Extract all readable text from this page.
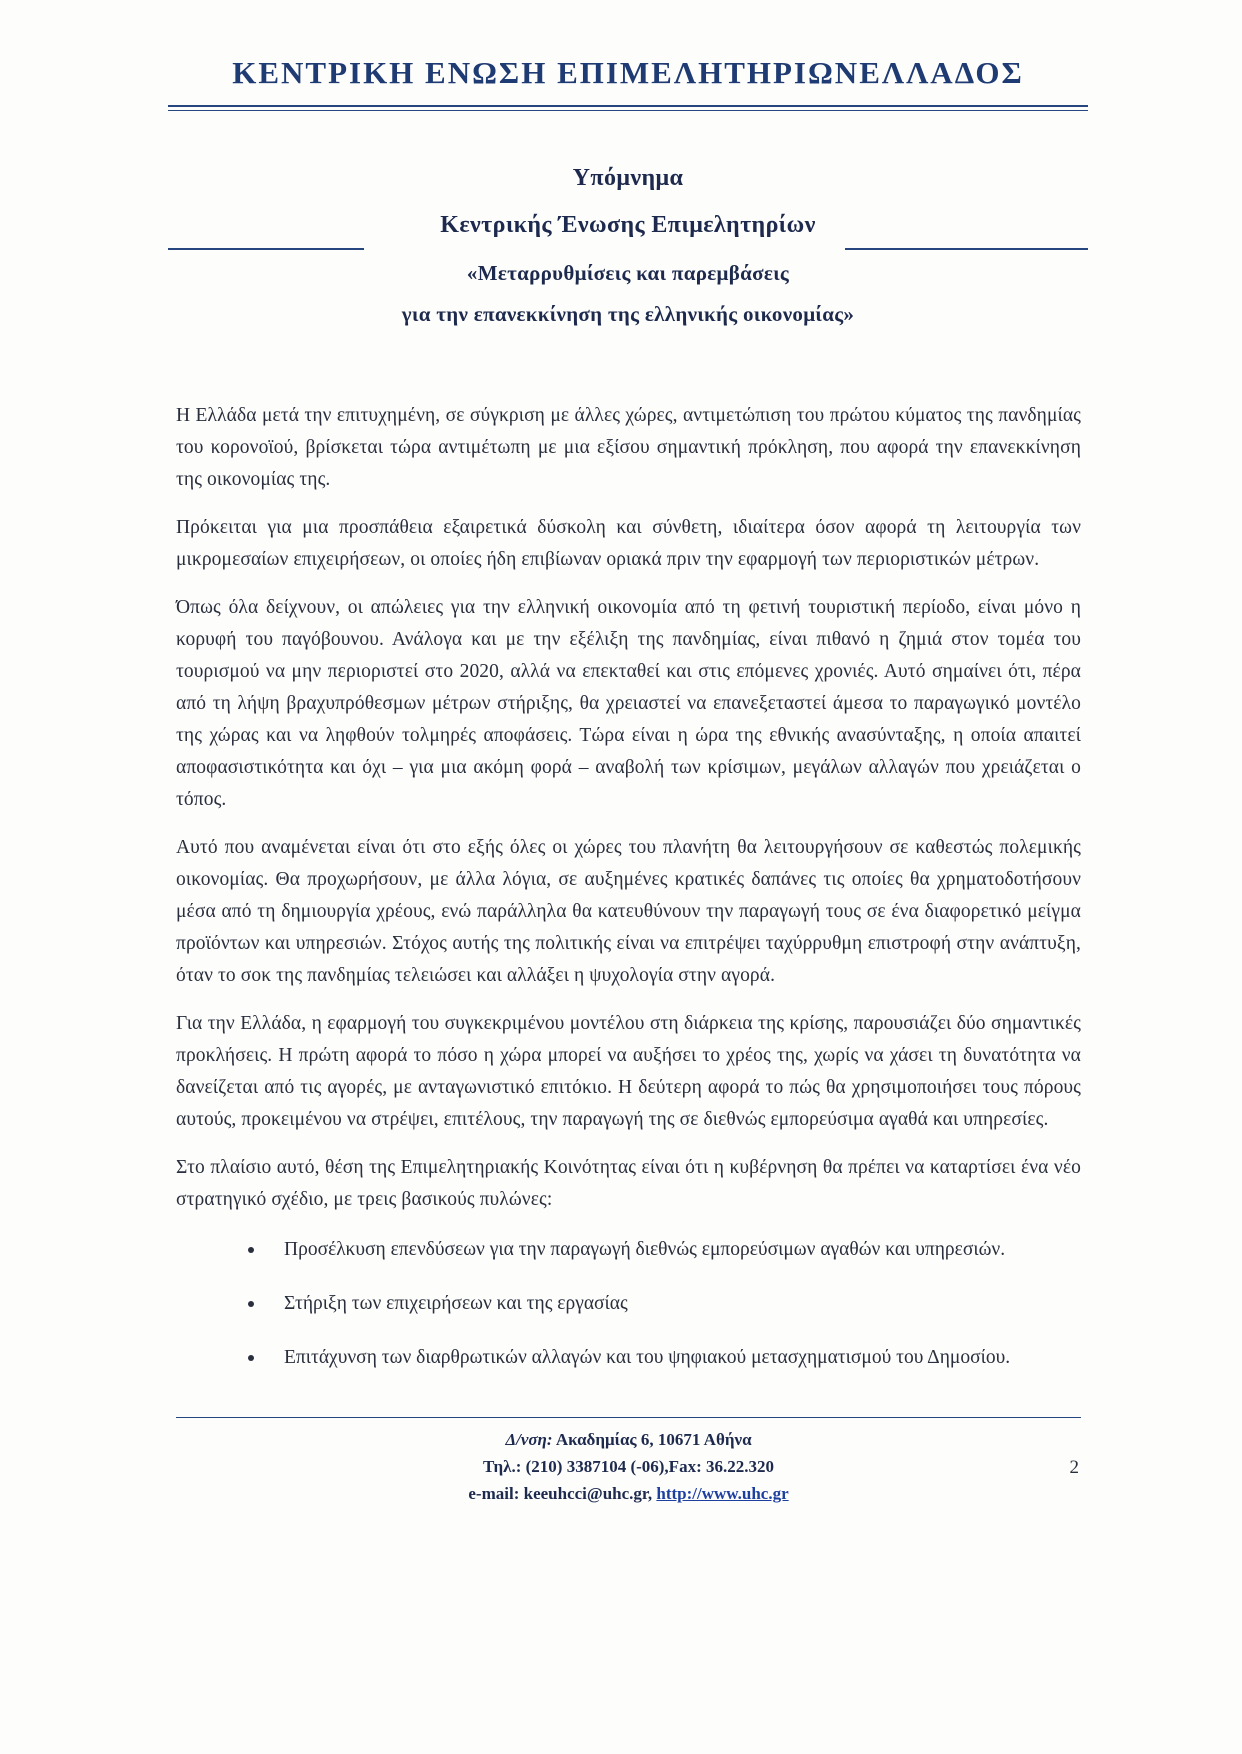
ΚΕΝΤΡΙΚΗ ΕΝΩΣΗ ΕΠΙΜΕΛΗΤΗΡΙΩΝΕΛΛΑΔΟΣ
Υπόμνημα
Κεντρικής Ένωσης Επιμελητηρίων
«Μεταρρυθμίσεις και παρεμβάσεις
για την επανεκκίνηση της ελληνικής οικονομίας»

Η Ελλάδα μετά την επιτυχημένη, σε σύγκριση με άλλες χώρες, αντιμετώπιση του πρώτου κύματος της πανδημίας του κορονοϊού, βρίσκεται τώρα αντιμέτωπη με μια εξίσου σημαντική πρόκληση, που αφορά την επανεκκίνηση της οικονομίας της.

Πρόκειται για μια προσπάθεια εξαιρετικά δύσκολη και σύνθετη, ιδιαίτερα όσον αφορά τη λειτουργία των μικρομεσαίων επιχειρήσεων, οι οποίες ήδη επιβίωναν οριακά πριν την εφαρμογή των περιοριστικών μέτρων.

Όπως όλα δείχνουν, οι απώλειες για την ελληνική οικονομία από τη φετινή τουριστική περίοδο, είναι μόνο η κορυφή του παγόβουνου. Ανάλογα και με την εξέλιξη της πανδημίας, είναι πιθανό η ζημιά στον τομέα του τουρισμού να μην περιοριστεί στο 2020, αλλά να επεκταθεί και στις επόμενες χρονιές. Αυτό σημαίνει ότι, πέρα από τη λήψη βραχυπρόθεσμων μέτρων στήριξης, θα χρειαστεί να επανεξεταστεί άμεσα το παραγωγικό μοντέλο της χώρας και να ληφθούν τολμηρές αποφάσεις. Τώρα είναι η ώρα της εθνικής ανασύνταξης, η οποία απαιτεί αποφασιστικότητα και όχι – για μια ακόμη φορά – αναβολή των κρίσιμων, μεγάλων αλλαγών που χρειάζεται ο τόπος.

Αυτό που αναμένεται είναι ότι στο εξής όλες οι χώρες του πλανήτη θα λειτουργήσουν σε καθεστώς πολεμικής οικονομίας. Θα προχωρήσουν, με άλλα λόγια, σε αυξημένες κρατικές δαπάνες τις οποίες θα χρηματοδοτήσουν μέσα από τη δημιουργία χρέους, ενώ παράλληλα θα κατευθύνουν την παραγωγή τους σε ένα διαφορετικό μείγμα προϊόντων και υπηρεσιών. Στόχος αυτής της πολιτικής είναι να επιτρέψει ταχύρρυθμη επιστροφή στην ανάπτυξη, όταν το σοκ της πανδημίας τελειώσει και αλλάξει η ψυχολογία στην αγορά.

Για την Ελλάδα, η εφαρμογή του συγκεκριμένου μοντέλου στη διάρκεια της κρίσης, παρουσιάζει δύο σημαντικές προκλήσεις. Η πρώτη αφορά το πόσο η χώρα μπορεί να αυξήσει το χρέος της, χωρίς να χάσει τη δυνατότητα να δανείζεται από τις αγορές, με ανταγωνιστικό επιτόκιο. Η δεύτερη αφορά το πώς θα χρησιμοποιήσει τους πόρους αυτούς, προκειμένου να στρέψει, επιτέλους, την παραγωγή της σε διεθνώς εμπορεύσιμα αγαθά και υπηρεσίες.

Στο πλαίσιο αυτό, θέση της Επιμελητηριακής Κοινότητας είναι ότι η κυβέρνηση θα πρέπει να καταρτίσει ένα νέο στρατηγικό σχέδιο, με τρεις βασικούς πυλώνες:

Προσέλκυση επενδύσεων για την παραγωγή διεθνώς εμπορεύσιμων αγαθών και υπηρεσιών.
Στήριξη των επιχειρήσεων και της εργασίας
Επιτάχυνση των διαρθρωτικών αλλαγών και του ψηφιακού μετασχηματισμού του Δημοσίου.
Δ/νση: Ακαδημίας 6, 10671 Αθήνα
Τηλ.: (210) 3387104 (-06),Fax: 36.22.320
e-mail: keeuhcci@uhc.gr, http://www.uhc.gr
2
